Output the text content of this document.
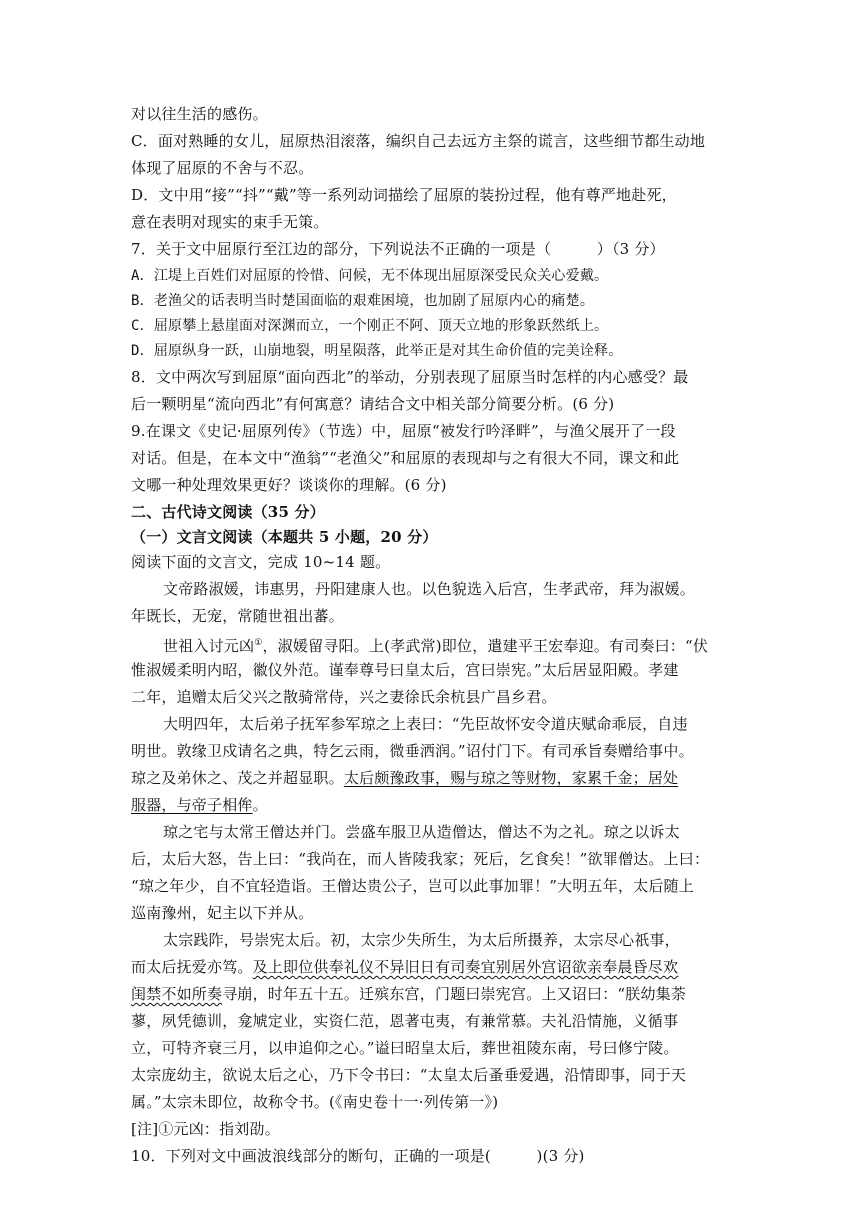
对以往生活的感伤。
C．面对熟睡的女儿，屈原热泪滚落，编织自己去远方主祭的谎言，这些细节都生动地
体现了屈原的不舍与不忍。
D．文中用“接”“抖”“戴”等一系列动词描绘了屈原的装扮过程，他有尊严地赴死，
意在表明对现实的束手无策。
7．关于文中屈原行至江边的部分，下列说法不正确的一项是（　　　）（3 分）
A．江堤上百姓们对屈原的怜惜、问候，无不体现出屈原深受民众关心爱戴。
B．老渔父的话表明当时楚国面临的艰难困境，也加剧了屈原内心的痛楚。
C．屈原攀上悬崖面对深渊而立，一个刚正不阿、顶天立地的形象跃然纸上。
D．屈原纵身一跃，山崩地裂，明星陨落，此举正是对其生命价值的完美诠释。
8．文中两次写到屈原“面向西北”的举动，分别表现了屈原当时怎样的内心感受？最
后一颗明星“流向西北”有何寓意？请结合文中相关部分简要分析。(6 分)
9.在课文《史记·屈原列传》（节选）中，屈原“被发行吟泽畔”，与渔父展开了一段
对话。但是，在本文中“渔翁”“老渔父”和屈原的表现却与之有很大不同，课文和此
文哪一种处理效果更好？谈谈你的理解。(6 分)
二、古代诗文阅读（35 分）
（一）文言文阅读（本题共 5 小题，20 分）
阅读下面的文言文，完成 10~14 题。
文帝路淑媛，讳惠男，丹阳建康人也。以色貌选入后宫，生孝武帝，拜为淑媛。
年既长，无宠，常随世祖出蕃。
世祖入讨元凶①，淑媛留寻阳。上(孝武常)即位，遣建平王宏奉迎。有司奏曰：“伏
惟淑媛柔明内昭，徽仪外范。谨奉尊号曰皇太后，宫曰崇宪。”太后居显阳殿。孝建
二年，追赠太后父兴之散骑常侍，兴之妻徐氏余杭县广昌乡君。
大明四年，太后弟子抚军参军琼之上表曰：“先臣故怀安令道庆赋命乖辰，自违
明世。敦缘卫戍请名之典，特乞云雨，微垂洒润。”诏付门下。有司承旨奏赠给事中。
琼之及弟休之、茂之并超显职。太后颇豫政事，赐与琼之等财物，家累千金；居处
服器，与帝子相侔。
琼之宅与太常王僧达并门。尝盛车服卫从造僧达，僧达不为之礼。琼之以诉太
后，太后大怒，告上曰：“我尚在，而人皆陵我家；死后，乞食矣！”欲罪僧达。上曰：
“琼之年少，自不宜轻造诣。王僧达贵公子，岂可以此事加罪！”大明五年，太后随上
巡南豫州，妃主以下并从。
太宗践阼，号崇宪太后。初，太宗少失所生，为太后所摄养，太宗尽心祇事，
而太后抚爱亦笃。及上即位供奉礼仪不异旧日有司奏宜别居外宫诏欲亲奉晨昏尽欢
闺禁不如所奏寻崩，时年五十五。迁殡东宫，门题曰崇宪宫。上又诏曰：“朕幼集荼
蓼，夙凭德训，龛虓定业，实资仁范，恩著屯夷，有兼常慕。夫礼沿情施，义循事
立，可特齐衰三月，以申追仰之心。”谥曰昭皇太后，葬世祖陵东南，号曰修宁陵。
太宗庞幼主，欲说太后之心，乃下令书曰：“太皇太后蚤垂爱遇，沿情即事，同于天
属。”太宗未即位，故称令书。(《南史卷十一·列传第一》)
[注]①元凶：指刘劭。
10．下列对文中画波浪线部分的断句，正确的一项是(　　　)(3 分)
